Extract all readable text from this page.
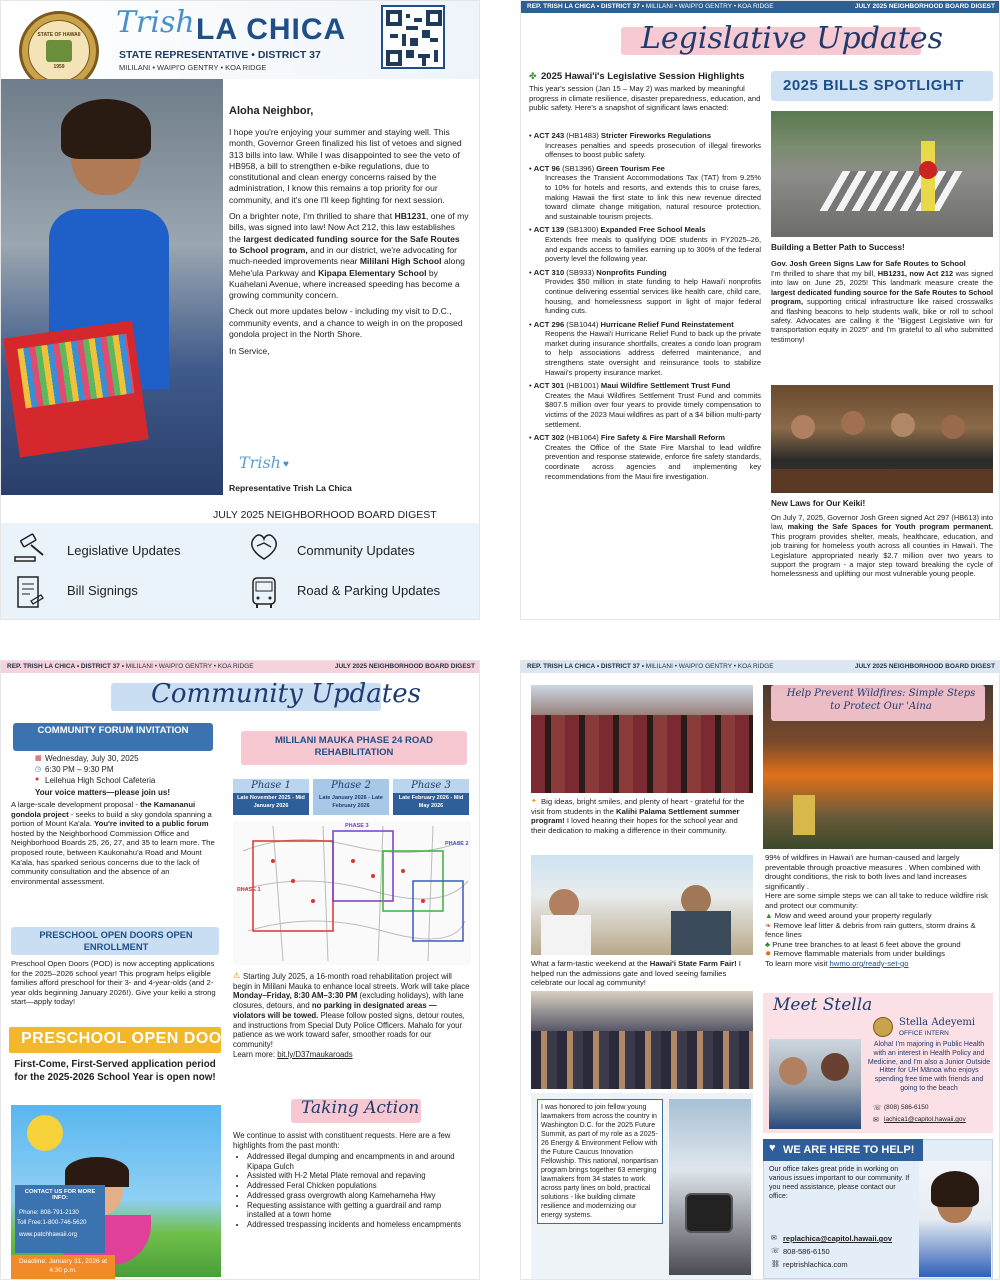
STATE OF HAWAII
1959
Trish LA CHICA
STATE REPRESENTATIVE • DISTRICT 37
MILILANI • WAIPI'O GENTRY • KOA RIDGE
Aloha Neighbor,

I hope you're enjoying your summer and staying well. This month, Governor Green finalized his list of vetoes and signed 313 bills into law. While I was disappointed to see the veto of HB958, a bill to strengthen e-bike regulations, due to constitutional and clean energy concerns raised by the administration, I know this remains a top priority for our community, and it's one I'll keep fighting for next session.

On a brighter note, I'm thrilled to share that HB1231, one of my bills, was signed into law! Now Act 212, this law establishes the largest dedicated funding source for the Safe Routes to School program, and in our district, we're advocating for much-needed improvements near Mililani High School along Mehe'ula Parkway and Kipapa Elementary School by Kuahelani Avenue, where increased speeding has become a growing community concern.

Check out more updates below - including my visit to D.C., community events, and a chance to weigh in on the proposed gondola project in the North Shore.

In Service,

Trish ♥
Representative Trish La Chica
JULY 2025 NEIGHBORHOOD BOARD DIGEST
Legislative Updates	Community Updates
Bill Signings	Road & Parking Updates
REP. TRISH LA CHICA • DISTRICT 37 • MILILANI • WAIPI'O GENTRY • KOA RIDGE	JULY 2025 NEIGHBORHOOD BOARD DIGEST
Legislative Updates
✤ 2025 Hawai'i's Legislative Session Highlights
This year's session (Jan 15 – May 2) was marked by meaningful progress in climate resilience, disaster preparedness, education, and public safety. Here's a snapshot of significant laws enacted:
• ACT 243 (HB1483) Stricter Fireworks Regulations
Increases penalties and speeds prosecution of illegal fireworks offenses to boost public safety.
• ACT 96 (SB1396) Green Tourism Fee
Increases the Transient Accommodations Tax (TAT) from 9.25% to 10% for hotels and resorts, and extends this to cruise fares, making Hawaii the first state to link this new revenue directed toward climate change mitigation, natural resource protection, and sustainable tourism projects.
• ACT 139 (SB1300) Expanded Free School Meals
Extends free meals to qualifying DOE students in FY2025–26, and expands access to families earning up to 300% of the federal poverty level the following year.
• ACT 310 (SB933) Nonprofits Funding
Provides $50 million in state funding to help Hawai'i nonprofits continue delivering essential services like health care, child care, housing, and homelessness support in light of major federal funding cuts.
• ACT 296 (SB1044) Hurricane Relief Fund Reinstatement
Reopens the Hawai'i Hurricane Relief Fund to back up the private market during insurance shortfalls, creates a condo loan program to help associations address deferred maintenance, and strengthens state oversight and reinsurance tools to stabilize Hawaii's property insurance market.
• ACT 301 (HB1001) Maui Wildfire Settlement Trust Fund
Creates the Maui Wildfires Settlement Trust Fund and commits $807.5 million over four years to provide timely compensation to victims of the 2023 Maui wildfires as part of a $4 billion multi-party settlement.
• ACT 302 (HB1064) Fire Safety & Fire Marshall Reform
Creates the Office of the State Fire Marshal to lead wildfire prevention and response statewide, enforce fire safety standards, coordinate across agencies and implementing key recommendations from the Maui fire investigation.
2025 BILLS SPOTLIGHT
Building a Better Path to Success!
Gov. Josh Green Signs Law for Safe Routes to School
I'm thrilled to share that my bill, HB1231, now Act 212 was signed into law on June 25, 2025! This landmark measure create the largest dedicated funding source for the Safe Routes to School program, supporting critical infrastructure like raised crosswalks and flashing beacons to help students walk, bike or roll to school safety. Advocates are calling it the "Biggest Legislative win for transportation equity in 2025" and I'm grateful to all who submitted testimony!
New Laws for Our Keiki!
On July 7, 2025, Governor Josh Green signed Act 297 (HB613) into law, making the Safe Spaces for Youth program permanent. This program provides shelter, meals, healthcare, education, and job training for homeless youth across all counties in Hawai'i. The Legislature appropriated nearly $2.7 million over two years to support the program - a major step toward breaking the cycle of homelessness and uplifting our most vulnerable young people.
REP. TRISH LA CHICA • DISTRICT 37 • MILILANI • WAIPI'O GENTRY • KOA RIDGE	JULY 2025 NEIGHBORHOOD BOARD DIGEST
Community Updates
COMMUNITY FORUM INVITATION
▦ Wednesday, July 30, 2025
◷ 6:30 PM – 9:30 PM
● Leilehua High School Cafeteria
Your voice matters—please join us!
A large-scale development proposal - the Kamananui gondola project - seeks to build a sky gondola spanning a portion of Mount Ka'ala. You're invited to a public forum hosted by the Neighborhood Commission Office and Neighborhood Boards 25, 26, 27, and 35 to learn more. The proposed route, between Kaukonahu'a Road and Mount Ka'ala, has sparked serious concerns due to the lack of community consultation and the absence of an environmental assessment.
PRESCHOOL OPEN DOORS OPEN ENROLLMENT
Preschool Open Doors (POD) is now accepting applications for the 2025–2026 school year! This program helps eligible families afford preschool for their 3- and 4-year-olds (and 2-year olds beginning January 2026!). Give your keiki a strong start—apply today!
PRESCHOOL OPEN DOORS
First-Come, First-Served application period for the 2025-2026 School Year is open now!
CONTACT US FOR MORE INFO:
Phone: 808-791-2130
Toll Free:1-800-746-5620
www.patchhawaii.org
Deadline: January 31, 2026 at 4:30 p.m.
MILILANI MAUKA PHASE 24 ROAD REHABILITATION
Phase 1
Late November 2025 - Mid January 2026
Phase 2
Late January 2026 - Late February 2026
Phase 3
Late February 2026 - Mid May 2026
PHASE 1
PHASE 2
PHASE 3
⚠ Starting July 2025, a 16-month road rehabilitation project will begin in Mililani Mauka to enhance local streets. Work will take place Monday–Friday, 8:30 AM–3:30 PM (excluding holidays), with lane closures, detours, and no parking in designated areas — violators will be towed. Please follow posted signs, detour routes, and instructions from Special Duty Police Officers. Mahalo for your patience as we work toward safer, smoother roads for our community!
Learn more: bit.ly/D37maukaroads
Taking Action
We continue to assist with constituent requests. Here are a few highlights from the past month:
• Addressed illegal dumping and encampments in and around Kipapa Gulch
• Assisted with H-2 Metal Plate removal and repaving
• Addressed Feral Chicken populations
• Addressed grass overgrowth along Kamehameha Hwy
• Requesting assistance with getting a guardrail and ramp installed at a town home
• Addressed trespassing incidents and homeless encampments
REP. TRISH LA CHICA • DISTRICT 37 • MILILANI • WAIPI'O GENTRY • KOA RIDGE	JULY 2025 NEIGHBORHOOD BOARD DIGEST
✦ Big ideas, bright smiles, and plenty of heart - grateful for the visit from students in the Kalihi Palama Settlement summer program! I loved hearing their hopes for the school year and their dedication to making a difference in their community.
What a farm-tastic weekend at the Hawai'i State Farm Fair! I helped run the admissions gate and loved seeing families celebrate our local ag community!
I was honored to join fellow young lawmakers from across the country in Washington D.C. for the 2025 Future Summit, as part of my role as a 2025-26 Energy & Environment Fellow with the Future Caucus Innovation Fellowship. This national, nonpartisan program brings together 63 emerging lawmakers from 34 states to work across party lines on bold, practical solutions - like building climate resilience and modernizing our energy systems.
Help Prevent Wildfires: Simple Steps to Protect Our 'Aina
99% of wildfires in Hawai'i are human-caused and largely preventable through proactive measures . When combined with drought conditions, the risk to both lives and land increases significantly .
Here are some simple steps we can all take to reduce wildfire risk and protect our community:
▲ Mow and weed around your property regularly
❧ Remove leaf litter & debris from rain gutters, storm drains & fence lines
♣ Prune tree branches to at least 6 feet above the ground
✹ Remove flammable materials from under buildings
To learn more visit hwmo.org/ready-set-go
Meet Stella
Stella Adeyemi
OFFICE INTERN
Aloha! I'm majoring in Public Health with an interest in Health Policy and Medicine, and I'm also a Junior Outside Hitter for UH Mānoa who enjoys spending free time with friends and going to the beach
☏ (808) 586-6150
✉ lachica1@capitol.hawaii.gov
♥ WE ARE HERE TO HELP!
Our office takes great pride in working on various issues important to our community. If you need assistance, please contact our office:
✉ replachica@capitol.hawaii.gov
☏ 808-586-6150
⛓ reptrishlachica.com
